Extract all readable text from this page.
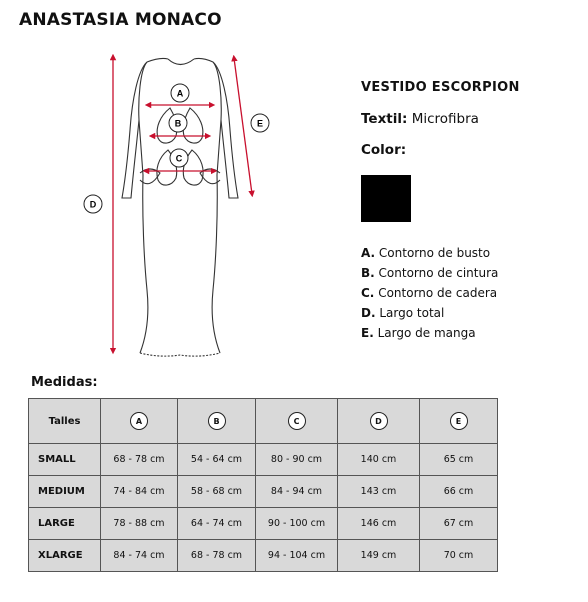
ANASTASIA MONACO
A
B
C
D
E
VESTIDO ESCORPION
Textil: Microfibra
Color:
A. Contorno de busto
B. Contorno de cintura
C. Contorno de cadera
D. Largo total
E. Largo de manga
Medidas:
Talles	A	B	C	D	E
SMALL	68 - 78 cm	54 - 64 cm	80 - 90 cm	140 cm	65 cm
MEDIUM	74 - 84 cm	58 - 68 cm	84 - 94 cm	143 cm	66 cm
LARGE	78 - 88 cm	64 - 74 cm	90 - 100 cm	146 cm	67 cm
XLARGE	84 - 74 cm	68 - 78 cm	94 - 104 cm	149 cm	70 cm
